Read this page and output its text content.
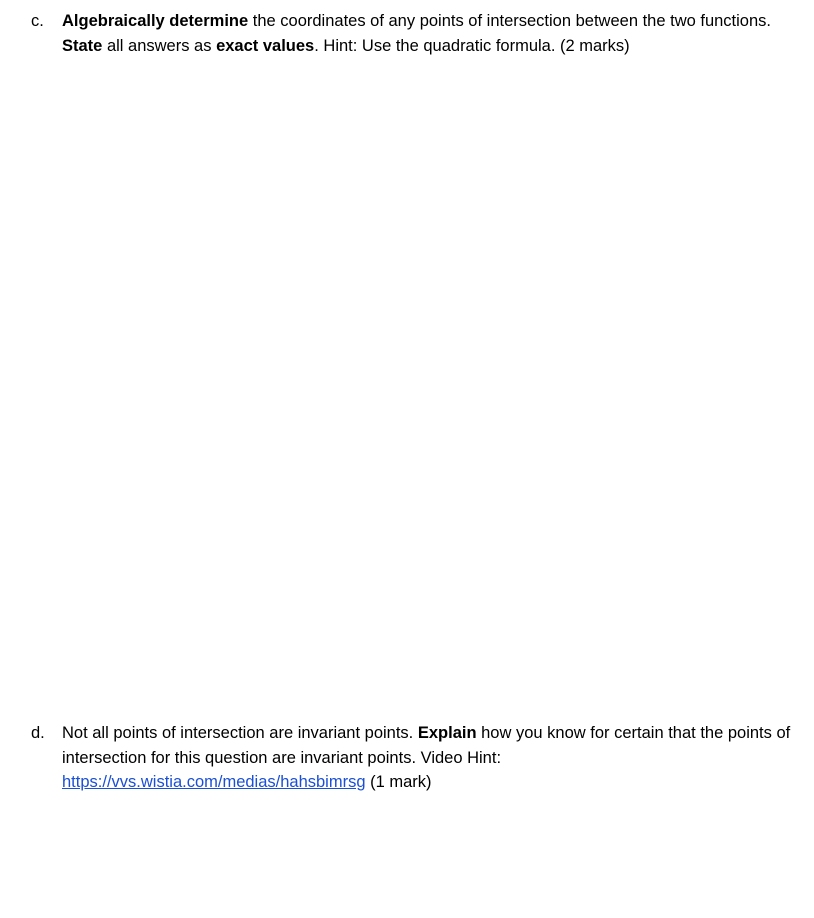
c.	Algebraically determine the coordinates of any points of intersection between the two functions. State all answers as exact values. Hint: Use the quadratic formula. (2 marks)
d.	Not all points of intersection are invariant points. Explain how you know for certain that the points of intersection for this question are invariant points. Video Hint: https://vvs.wistia.com/medias/hahsbimrsg (1 mark)
